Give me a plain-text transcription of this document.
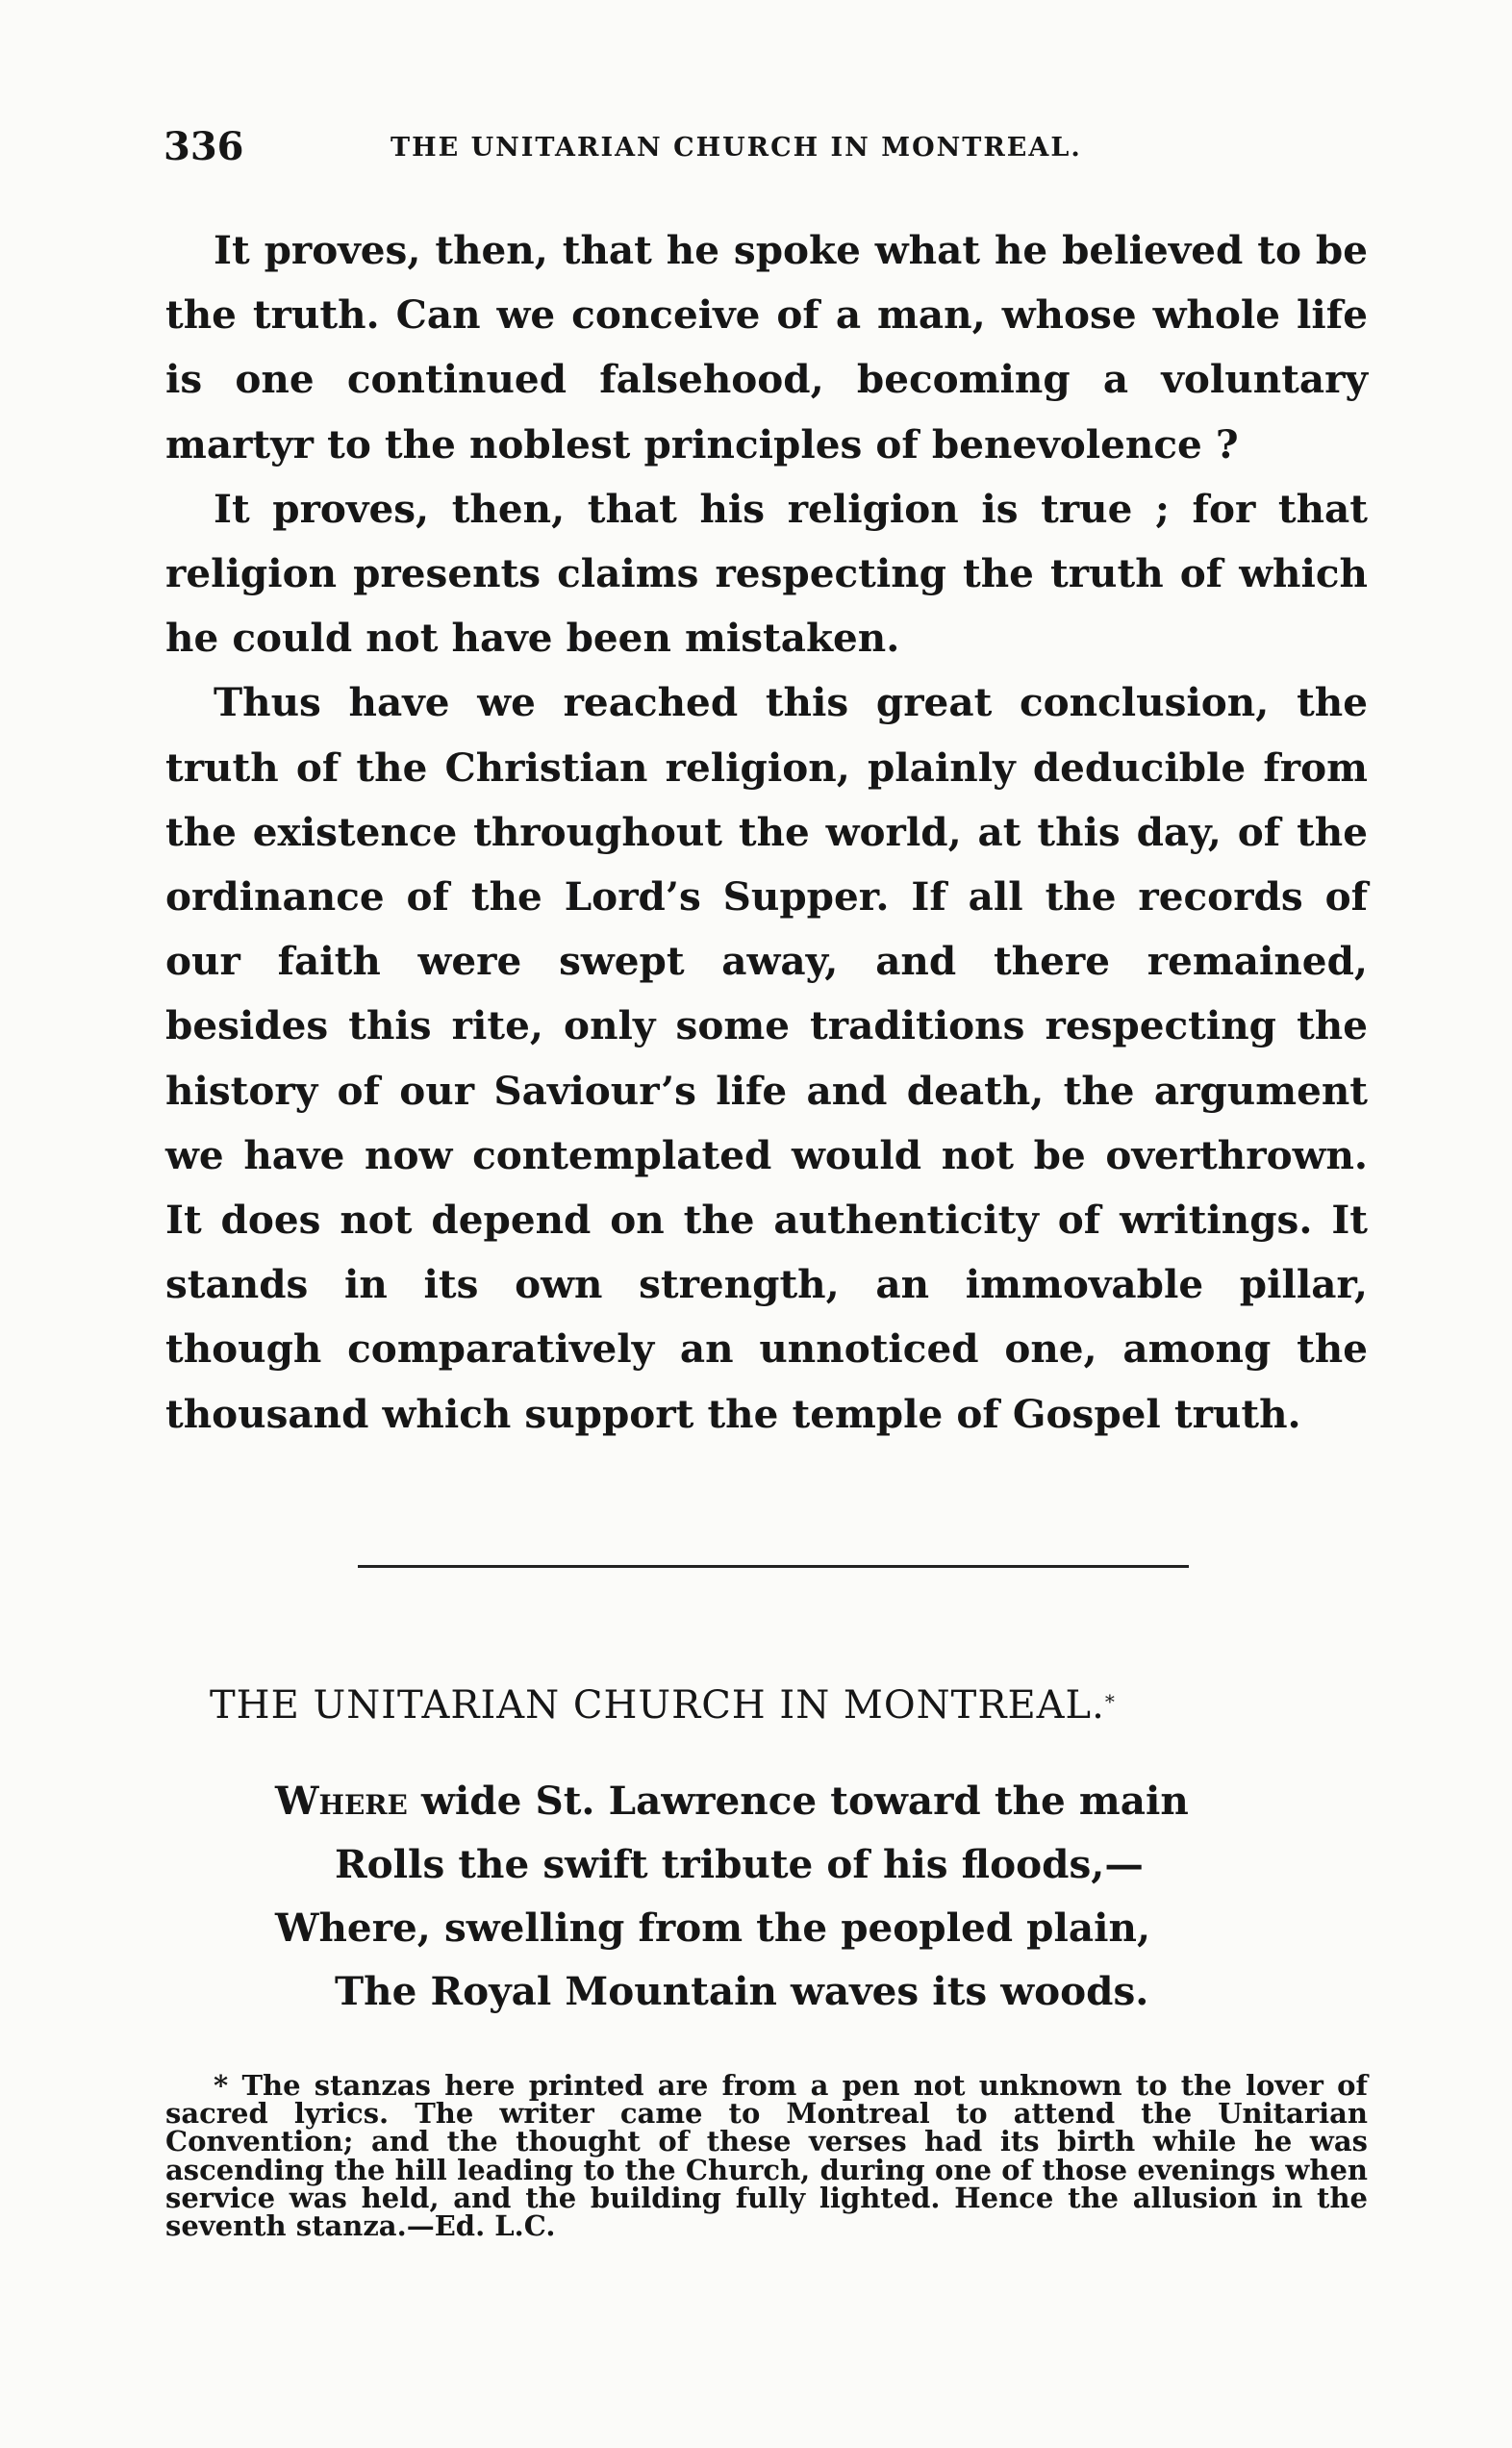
336	THE UNITARIAN CHURCH IN MONTREAL.

It proves, then, that he spoke what he believed to be the truth. Can we conceive of a man, whose whole life is one continued falsehood, becoming a voluntary martyr to the noblest principles of benevolence ?

It proves, then, that his religion is true ; for that religion presents claims respecting the truth of which he could not have been mistaken.

Thus have we reached this great conclusion, the truth of the Christian religion, plainly deducible from the existence throughout the world, at this day, of the ordinance of the Lord’s Supper. If all the records of our faith were swept away, and there remained, besides this rite, only some traditions respecting the history of our Saviour’s life and death, the argument we have now contemplated would not be overthrown. It does not depend on the authenticity of writings. It stands in its own strength, an immovable pillar, though comparatively an unnoticed one, among the thousand which support the temple of Gospel truth.

THE UNITARIAN CHURCH IN MONTREAL.*
Where wide St. Lawrence toward the main
Rolls the swift tribute of his floods,—
Where, swelling from the peopled plain,
The Royal Mountain waves its woods.
* The stanzas here printed are from a pen not unknown to the lover of sacred lyrics. The writer came to Montreal to attend the Unitarian Convention; and the thought of these verses had its birth while he was ascending the hill leading to the Church, during one of those evenings when service was held, and the building fully lighted. Hence the allusion in the seventh stanza.—Ed. L.C.
